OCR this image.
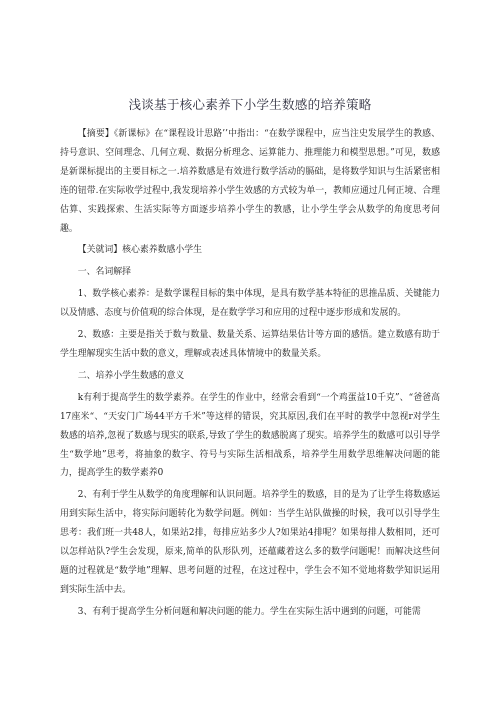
浅谈基于核心素养下小学生数感的培养策略

【摘要】《新课标》在“课程设计思路’’中指出：“在数学课程中，应当注史发展学生的教感、持号意识、空间理念、几何立观、数据分析理念、运算能力、推理能力和模型思想。”可见，数感是新课标提出的主要目标之一.培养数感是有效进行数学活动的膈础，是将数学知识与生活紧密相连的钮带.在实际收学过程中,我发现培养小学生效感的方式较为单一，教师应通过几何正境、合理估算、实践探索、生活实际等方面逐步培养小学生的教感，让小学生学会从数学的角度思考问趣。

【关就词】核心素养数感小学生

一、名词解择

1、数学核心素养：是数学课程目标的集中体现，是具有数学基本特征的思推品质、关键能力以及情感、态度与价值观的综合体现，是在数学学习和应用的过程中逐步形成和发展的。

2、数感：主要是指关于数与数量、数量关系、运算结果估计等方面的感悟。建立数感有助于学生理解现实生活中数的意义，理解或表述具体情境中的数量关系。

二、培养小学生数感的意义

k有利于提高学生的数学素养。在学生的作业中，经常会看到“一个鸡蛋益10千克”、“爸爸高17座米“、“天安门广场44平方千米”等这样的错误，究其原因,我们在平时的教学中忽视r对学生数感的培养,忽视了数感与现实的联系,导致了学生的数感脱离了现实。培养学生的数感可以引导学生“数学地”思考，将抽象的数字、符号与实际生活相战系，培养学生用数学思维解决问题的能力，提高学生的数学素养0

2、有利于学生从数学的角度理解和认识问题。培养学生的数感，目的是为了让学生将数感运用到实际生活中，将实际问题转化为数学问题。例如：当学生站队做操的时候，我可以引导学生思考：我们班一共48人，如果站2排，每排应站多少人?如果站4排呢？如果每排人数相同，还可以怎样站队?学生会发现，原来,简单的队形队列，还蕴藏着这么多的数学问题呢！而解决这些问题的过程就是“数学地”理解、思考问题的过程，在这过程中，学生会不知不觉地将数学知识运用到实际生活中去。

3、有利于提高学生分析问题和解决问题的能力。学生在实际生活中遇到的问题，可能需
